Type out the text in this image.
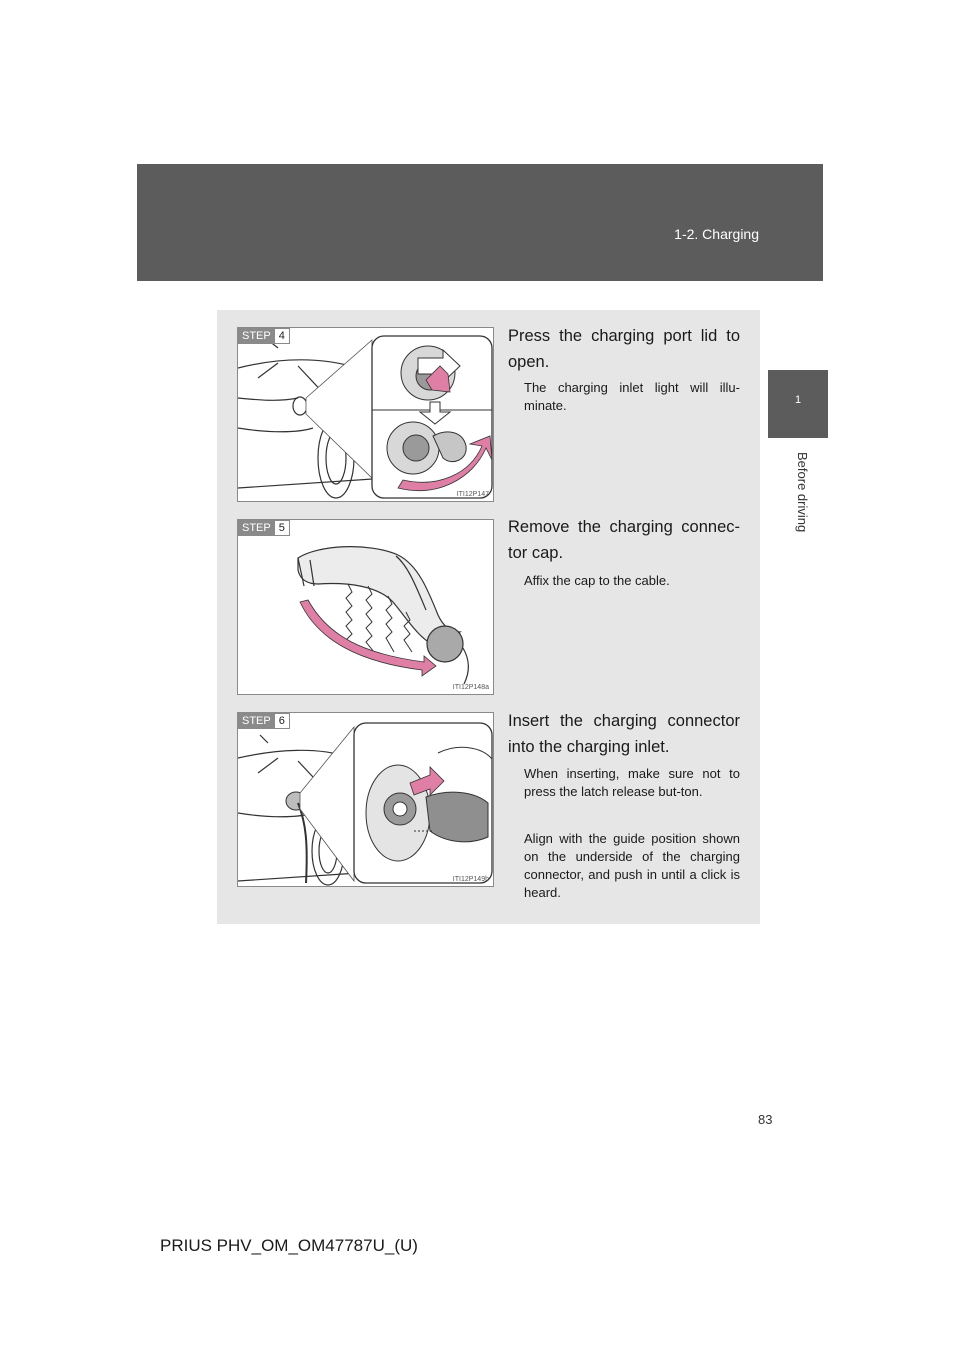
1-2. Charging
1
Before driving
STEP 4
ITI12P147
Press the charging port lid to open.
The charging inlet light will illu-minate.
STEP 5
ITI12P148a
Remove the charging connec-tor cap.
Affix the cap to the cable.
STEP 6
ITI12P149b
Insert the charging connector into the charging inlet.
When inserting, make sure not to press the latch release but-ton.
Align with the guide position shown on the underside of the charging connector, and push in until a click is heard.
83
PRIUS PHV_OM_OM47787U_(U)
